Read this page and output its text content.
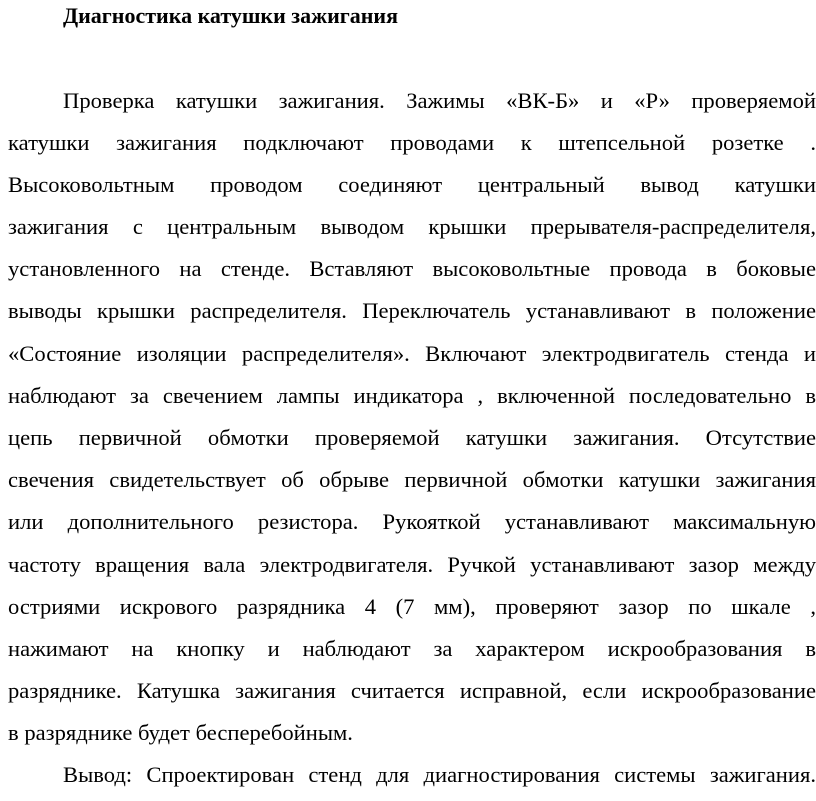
Диагностика катушки зажигания
Проверка катушки зажигания. Зажимы «ВК-Б» и «Р» проверяемой
катушки зажигания подключают проводами к штепсельной розетке .
Высоковольтным проводом соединяют центральный вывод катушки
зажигания с центральным выводом крышки прерывателя-распределителя,
установленного на стенде. Вставляют высоковольтные провода в боковые
выводы крышки распределителя. Переключатель устанавливают в положение
«Состояние изоляции распределителя». Включают электродвигатель стенда и
наблюдают за свечением лампы индикатора , включенной последовательно в
цепь первичной обмотки проверяемой катушки зажигания. Отсутствие
свечения свидетельствует об обрыве первичной обмотки катушки зажигания
или дополнительного резистора. Рукояткой устанавливают максимальную
частоту вращения вала электродвигателя. Ручкой устанавливают зазор между
остриями искрового разрядника 4 (7 мм), проверяют зазор по шкале ,
нажимают на кнопку и наблюдают за характером искрообразования в
разряднике. Катушка зажигания считается исправной, если искрообразование
в разряднике будет бесперебойным.
Вывод: Спроектирован стенд для диагностирования системы зажигания.
